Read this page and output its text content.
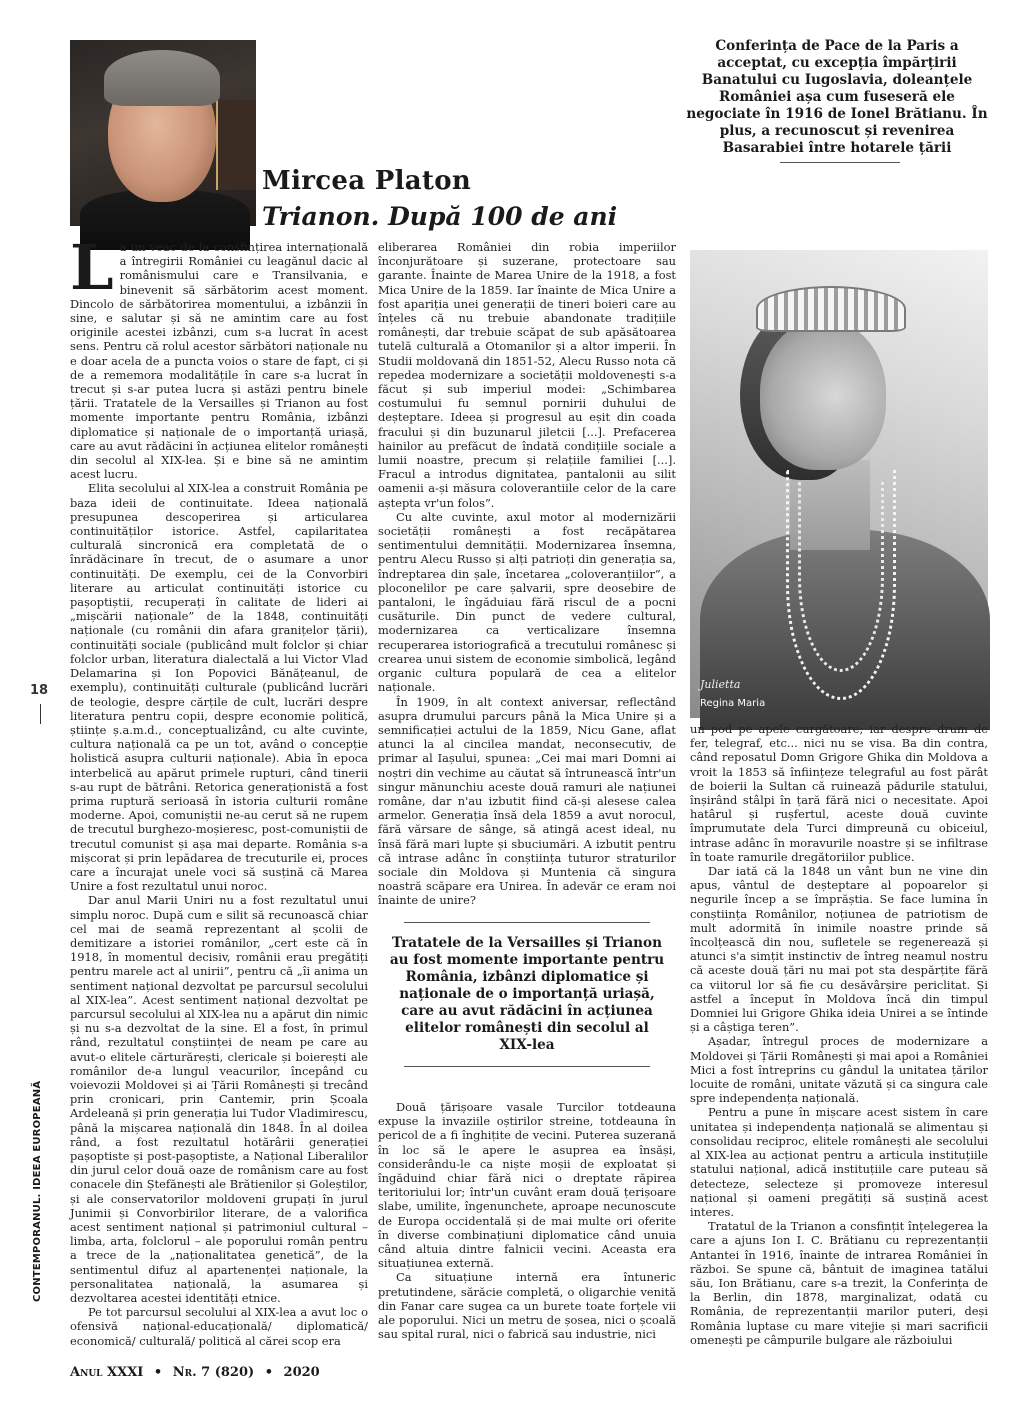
Mircea Platon
Trianon. După 100 de ani
Conferința de Pace de la Paris a acceptat, cu excepția împărțirii Banatului cu Iugoslavia, doleanțele României așa cum fuseseră ele negociate în 1916 de Ionel Brătianu. În plus, a recunoscut și revenirea Basarabiei între hotarele țării

La un veac de la consfințirea internațională a întregirii României cu leagănul dacic al românismului care e Transilvania, e binevenit să sărbătorim acest moment. Dincolo de sărbătorirea momentului, a izbânzii în sine, e salutar și să ne amintim care au fost originile acestei izbânzi, cum s-a lucrat în acest sens. Pentru că rolul acestor sărbători naționale nu e doar acela de a puncta voios o stare de fapt, ci și de a rememora modalitățile în care s-a lucrat în trecut și s-ar putea lucra și astăzi pentru binele țării. Tratatele de la Versailles și Trianon au fost momente importante pentru România, izbânzi diplomatice și naționale de o importanță uriașă, care au avut rădăcini în acțiunea elitelor românești din secolul al XIX-lea. Și e bine să ne amintim acest lucru.

Elita secolului al XIX-lea a construit România pe baza ideii de continuitate. Ideea națională presupunea descoperirea și articularea continuităților istorice. Astfel, capilaritatea culturală sincronică era completată de o înrădăcinare în trecut, de o asumare a unor continuități. De exemplu, cei de la Convorbiri literare au articulat continuități istorice cu pașoptiștii, recuperați în calitate de lideri ai „mișcării naționale” de la 1848, continuități naționale (cu românii din afara granițelor țării), continuități sociale (publicând mult folclor și chiar folclor urban, literatura dialectală a lui Victor Vlad Delamarina și Ion Popovici Bănățeanul, de exemplu), continuități culturale (publicând lucrări de teologie, despre cărțile de cult, lucrări despre literatura pentru copii, despre economie politică, științe ș.a.m.d., conceptualizând, cu alte cuvinte, cultura națională ca pe un tot, având o concepție holistică asupra culturii naționale). Abia în epoca interbelică au apărut primele rupturi, când tinerii s-au rupt de bătrâni. Retorica generaționistă a fost prima ruptură serioasă în istoria culturii române moderne. Apoi, comuniștii ne-au cerut să ne rupem de trecutul burghezo-moșieresc, post-comuniștii de trecutul comunist și așa mai departe. România s-a mișcorat și prin lepădarea de trecuturile ei, proces care a încurajat unele voci să susțină că Marea Unire a fost rezultatul unui noroc.

Dar anul Marii Uniri nu a fost rezultatul unui simplu noroc. După cum e silit să recunoască chiar cel mai de seamă reprezentant al școlii de demitizare a istoriei românilor, „cert este că în 1918, în momentul decisiv, românii erau pregătiți pentru marele act al unirii”, pentru că „îi anima un sentiment național dezvoltat pe parcursul secolului al XIX-lea”. Acest sentiment național dezvoltat pe parcursul secolului al XIX-lea nu a apărut din nimic și nu s-a dezvoltat de la sine. El a fost, în primul rând, rezultatul conștiinței de neam pe care au avut-o elitele cărturărești, clericale și boierești ale românilor de-a lungul veacurilor, începând cu voievozii Moldovei și ai Țării Românești și trecând prin cronicari, prin Cantemir, prin Școala Ardeleană și prin generația lui Tudor Vladimirescu, până la mișcarea națională din 1848. În al doilea rând, a fost rezultatul hotărârii generației pașoptiste și post-pașoptiste, a Național Liberalilor din jurul celor două oaze de românism care au fost conacele din Ștefănești ale Brătienilor și Goleștilor, și ale conservatorilor moldoveni grupați în jurul Junimii și Convorbirilor literare, de a valorifica acest sentiment național și patrimoniul cultural – limba, arta, folclorul – ale poporului român pentru a trece de la „naționalitatea genetică”, de la sentimentul difuz al apartenenței naționale, la personalitatea națională, la asumarea și dezvoltarea acestei identități etnice.

Pe tot parcursul secolului al XIX-lea a avut loc o ofensivă național-educațională/ diplomatică/ economică/ culturală/ politică al cărei scop era

eliberarea României din robia imperiilor înconjurătoare și suzerane, protectoare sau garante. Înainte de Marea Unire de la 1918, a fost Mica Unire de la 1859. Iar înainte de Mica Unire a fost apariția unei generații de tineri boieri care au înțeles că nu trebuie abandonate tradițiile românești, dar trebuie scăpat de sub apăsătoarea tutelă culturală a Otomanilor și a altor imperii. În Studii moldovană din 1851-52, Alecu Russo nota că repedea modernizare a societății moldovenești s-a făcut și sub imperiul modei: „Schimbarea costumului fu semnul pornirii duhului de deșteptare. Ideea și progresul au eșit din coada fracului și din buzunarul jiletcii [...]. Prefacerea hainilor au prefăcut de îndată condițiile sociale a lumii noastre, precum și relațiile familiei [...]. Fracul a introdus dignitatea, pantalonii au silit oamenii a-și măsura coloverantiile celor de la care aștepta vr'un folos”.

Cu alte cuvinte, axul motor al modernizării societății românești a fost recăpătarea sentimentului demnității. Modernizarea însemna, pentru Alecu Russo și alți patrioți din generația sa, îndreptarea din șale, încetarea „coloveranțiilor”, a ploconelilor pe care șalvarii, spre deosebire de pantaloni, le îngăduiau fără riscul de a pocni cusăturile. Din punct de vedere cultural, modernizarea ca verticalizare însemna recuperarea istoriografică a trecutului românesc și crearea unui sistem de economie simbolică, legând organic cultura populară de cea a elitelor naționale.

În 1909, în alt context aniversar, reflectând asupra drumului parcurs până la Mica Unire și a semnificației actului de la 1859, Nicu Gane, aflat atunci la al cincilea mandat, neconsecutiv, de primar al Iașului, spunea: „Cei mai mari Domni ai noștri din vechime au căutat să întrunească într'un singur mănunchiu aceste două ramuri ale națiunei române, dar n'au izbutit fiind că-și alesese calea armelor. Generația însă dela 1859 a avut norocul, fără vărsare de sânge, să atingă acest ideal, nu însă fără mari lupte și sbuciumări. A izbutit pentru că intrase adânc în conștiința tuturor straturilor sociale din Moldova și Muntenia că singura noastră scăpare era Unirea. În adevăr ce eram noi înainte de unire?

Tratatele de la Versailles și Trianon au fost momente importante pentru România, izbânzi diplomatice și naționale de o importanță uriașă, care au avut rădăcini în acțiunea elitelor românești din secolul al XIX-lea

Două țărișoare vasale Turcilor totdeauna expuse la invaziile oștirilor streine, totdeauna în pericol de a fi înghițite de vecini. Puterea suzerană în loc să le apere le asuprea ea însăși, considerându-le ca niște moșii de exploatat și îngăduind chiar fără nici o dreptate răpirea teritoriului lor; într'un cuvânt eram două țerișoare slabe, umilite, îngenunchete, aproape necunoscute de Europa occidentală și de mai multe ori oferite în diverse combinațiuni diplomatice când unuia când altuia dintre falnicii vecini. Aceasta era situațiunea externă.

Ca situațiune internă era întuneric pretutindene, sărăcie completă, o oligarchie venită din Fanar care sugea ca un burete toate forțele vii ale poporului. Nici un metru de șosea, nici o școală sau spital rural, nici o fabrică sau industrie, nici

Julietta
Regina Maria

un pod pe apele curgătoare; iar despre drum de fer, telegraf, etc... nici nu se visa. Ba din contra, când reposatul Domn Grigore Ghika din Moldova a vroit la 1853 să înființeze telegraful au fost părât de boierii la Sultan că ruinează pădurile statului, înșirând stâlpi în țară fără nici o necesitate. Apoi hatârul și rușfertul, aceste două cuvinte împrumutate dela Turci dimpreună cu obiceiul, intrase adânc în moravurile noastre și se infiltrase în toate ramurile dregătoriilor publice.

Dar iată că la 1848 un vânt bun ne vine din apus, vântul de deșteptare al popoarelor și negurile încep a se împrăștia. Se face lumina în conștiința Românilor, noțiunea de patriotism de mult adormită în inimile noastre prinde să încolțească din nou, sufletele se regenerează și atunci s'a simțit instinctiv de întreg neamul nostru că aceste două țări nu mai pot sta despărțite fără ca viitorul lor să fie cu desăvârșire periclitat. Și astfel a început în Moldova încă din timpul Domniei lui Grigore Ghika ideia Unirei a se întinde și a câștiga teren”.

Așadar, întregul proces de modernizare a Moldovei și Țării Românești și mai apoi a României Mici a fost întreprins cu gândul la unitatea țărilor locuite de români, unitate văzută și ca singura cale spre independența națională.

Pentru a pune în mișcare acest sistem în care unitatea și independența națională se alimentau și consolidau reciproc, elitele românești ale secolului al XIX-lea au acționat pentru a articula instituțiile statului național, adică instituțiile care puteau să detecteze, selecteze și promoveze interesul național și oameni pregătiți să susțină acest interes.

Tratatul de la Trianon a consfințit înțelegerea la care a ajuns Ion I. C. Brătianu cu reprezentanții Antantei în 1916, înainte de intrarea României în război. Se spune că, bântuit de imaginea tatălui său, Ion Brătianu, care s-a trezit, la Conferința de la Berlin, din 1878, marginalizat, odată cu România, de reprezentanții marilor puteri, deși România luptase cu mare vitejie și mari sacrificii omenești pe câmpurile bulgare ale războiului

18
CONTEMPORANUL. IDEEA EUROPEANĂ
Anul XXXI • Nr. 7 (820) • 2020
